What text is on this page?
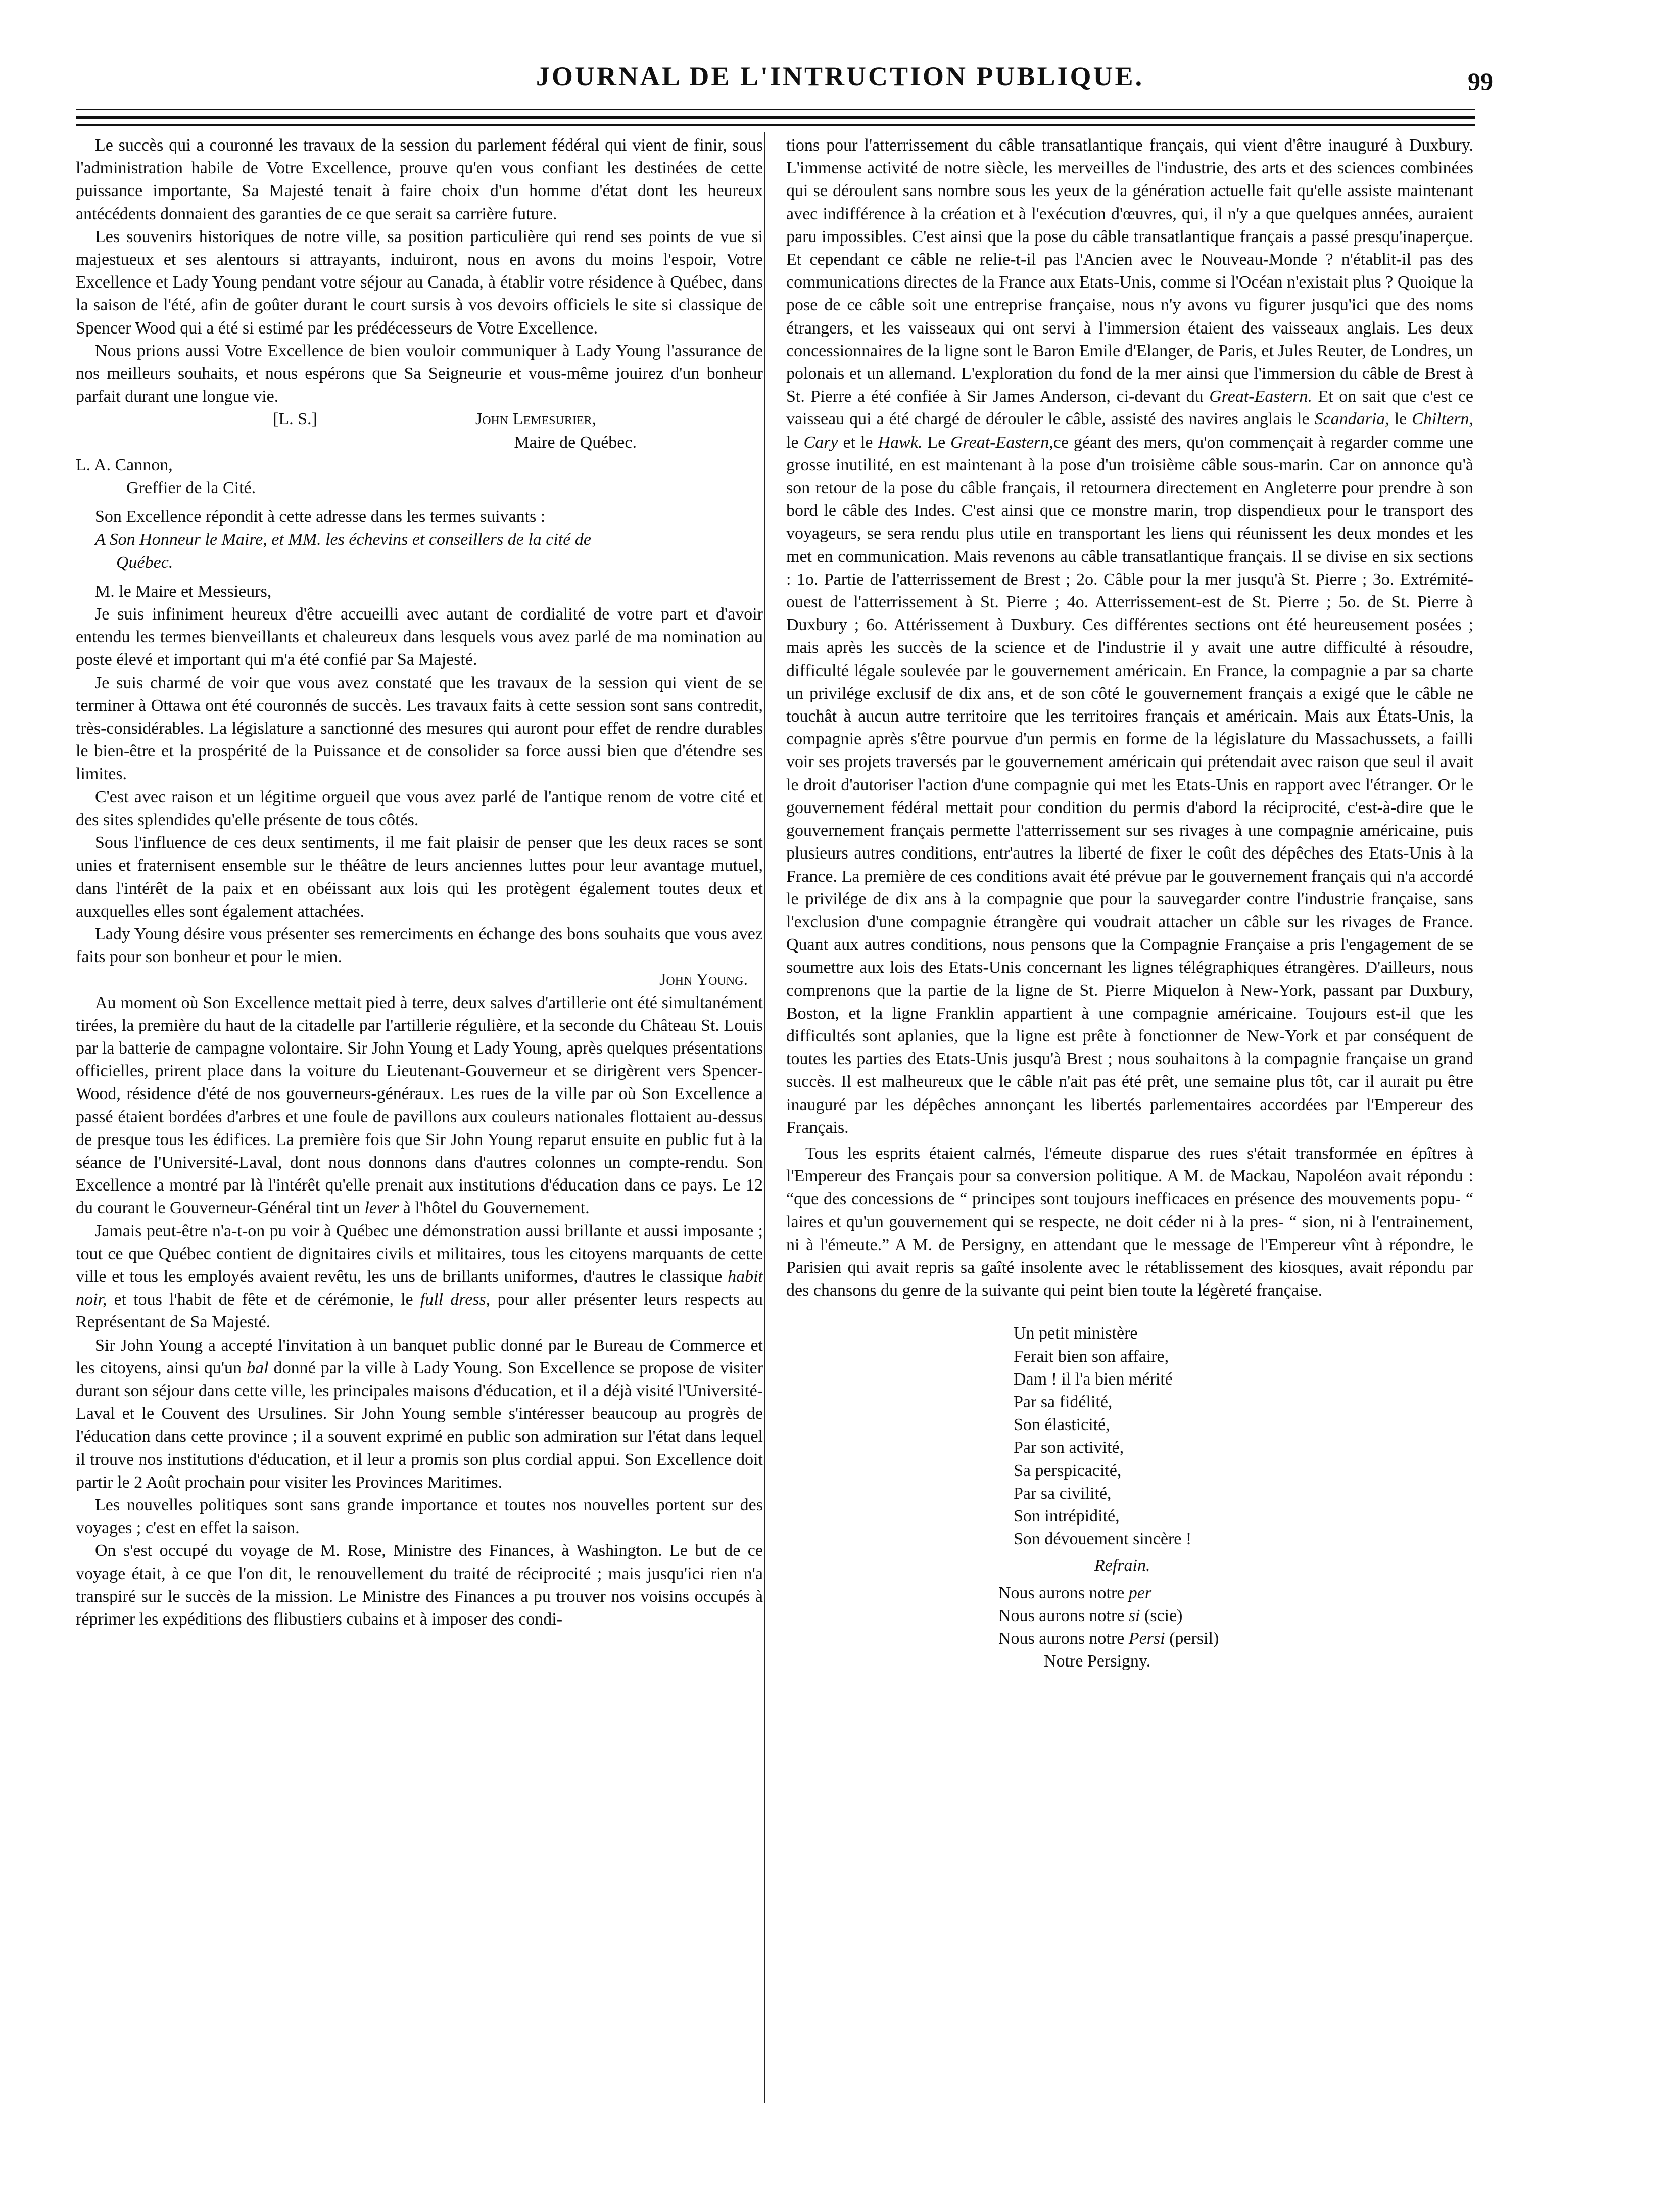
JOURNAL DE L'INTRUCTION PUBLIQUE.	99

Le succès qui a couronné les travaux de la session du parlement fédéral qui vient de finir, sous l'administration habile de Votre Excellence, prouve qu'en vous confiant les destinées de cette puissance importante, Sa Majesté tenait à faire choix d'un homme d'état dont les heureux antécédents donnaient des garanties de ce que serait sa carrière future.

Les souvenirs historiques de notre ville, sa position particulière qui rend ses points de vue si majestueux et ses alentours si attrayants, induiront, nous en avons du moins l'espoir, Votre Excellence et Lady Young pendant votre séjour au Canada, à établir votre résidence à Québec, dans la saison de l'été, afin de goûter durant le court sursis à vos devoirs officiels le site si classique de Spencer Wood qui a été si estimé par les prédécesseurs de Votre Excellence.

Nous prions aussi Votre Excellence de bien vouloir communiquer à Lady Young l'assurance de nos meilleurs souhaits, et nous espérons que Sa Seigneurie et vous-même jouirez d'un bonheur parfait durant une longue vie.

[L. S.]	John Lemesurier,
Maire de Québec.
L. A. Cannon,
Greffier de la Cité.

Son Excellence répondit à cette adresse dans les termes suivants :

A Son Honneur le Maire, et MM. les échevins et conseillers de la cité de

Québec.

M. le Maire et Messieurs,

Je suis infiniment heureux d'être accueilli avec autant de cordialité de votre part et d'avoir entendu les termes bienveillants et chaleureux dans lesquels vous avez parlé de ma nomination au poste élevé et important qui m'a été confié par Sa Majesté.

Je suis charmé de voir que vous avez constaté que les travaux de la session qui vient de se terminer à Ottawa ont été couronnés de succès. Les travaux faits à cette session sont sans contredit, très-considérables. La législature a sanctionné des mesures qui auront pour effet de rendre durables le bien-être et la prospérité de la Puissance et de consolider sa force aussi bien que d'étendre ses limites.

C'est avec raison et un légitime orgueil que vous avez parlé de l'antique renom de votre cité et des sites splendides qu'elle présente de tous côtés.

Sous l'influence de ces deux sentiments, il me fait plaisir de penser que les deux races se sont unies et fraternisent ensemble sur le théâtre de leurs anciennes luttes pour leur avantage mutuel, dans l'intérêt de la paix et en obéissant aux lois qui les protègent également toutes deux et auxquelles elles sont également attachées.

Lady Young désire vous présenter ses remerciments en échange des bons souhaits que vous avez faits pour son bonheur et pour le mien.

John Young.

Au moment où Son Excellence mettait pied à terre, deux salves d'artillerie ont été simultanément tirées, la première du haut de la citadelle par l'artillerie régulière, et la seconde du Château St. Louis par la batterie de campagne volontaire. Sir John Young et Lady Young, après quelques présentations officielles, prirent place dans la voiture du Lieutenant-Gouverneur et se dirigèrent vers Spencer-Wood, résidence d'été de nos gouverneurs-généraux. Les rues de la ville par où Son Excellence a passé étaient bordées d'arbres et une foule de pavillons aux couleurs nationales flottaient au-dessus de presque tous les édifices. La première fois que Sir John Young reparut ensuite en public fut à la séance de l'Université-Laval, dont nous donnons dans d'autres colonnes un compte-rendu. Son Excellence a montré par là l'intérêt qu'elle prenait aux institutions d'éducation dans ce pays. Le 12 du courant le Gouverneur-Général tint un lever à l'hôtel du Gouvernement.

Jamais peut-être n'a-t-on pu voir à Québec une démonstration aussi brillante et aussi imposante ; tout ce que Québec contient de dignitaires civils et militaires, tous les citoyens marquants de cette ville et tous les employés avaient revêtu, les uns de brillants uniformes, d'autres le classique habit noir, et tous l'habit de fête et de cérémonie, le full dress, pour aller présenter leurs respects au Représentant de Sa Majesté.

Sir John Young a accepté l'invitation à un banquet public donné par le Bureau de Commerce et les citoyens, ainsi qu'un bal donné par la ville à Lady Young. Son Excellence se propose de visiter durant son séjour dans cette ville, les principales maisons d'éducation, et il a déjà visité l'Université-Laval et le Couvent des Ursulines. Sir John Young semble s'intéresser beaucoup au progrès de l'éducation dans cette province ; il a souvent exprimé en public son admiration sur l'état dans lequel il trouve nos institutions d'éducation, et il leur a promis son plus cordial appui. Son Excellence doit partir le 2 Août prochain pour visiter les Provinces Maritimes.

Les nouvelles politiques sont sans grande importance et toutes nos nouvelles portent sur des voyages ; c'est en effet la saison.

On s'est occupé du voyage de M. Rose, Ministre des Finances, à Washington. Le but de ce voyage était, à ce que l'on dit, le renouvellement du traité de réciprocité ; mais jusqu'ici rien n'a transpiré sur le succès de la mission. Le Ministre des Finances a pu trouver nos voisins occupés à réprimer les expéditions des flibustiers cubains et à imposer des condi-

tions pour l'atterrissement du câble transatlantique français, qui vient d'être inauguré à Duxbury. L'immense activité de notre siècle, les merveilles de l'industrie, des arts et des sciences combinées qui se déroulent sans nombre sous les yeux de la génération actuelle fait qu'elle assiste maintenant avec indifférence à la création et à l'exécution d'œuvres, qui, il n'y a que quelques années, auraient paru impossibles. C'est ainsi que la pose du câble transatlantique français a passé presqu'inaperçue. Et cependant ce câble ne relie-t-il pas l'Ancien avec le Nouveau-Monde ? n'établit-il pas des communications directes de la France aux Etats-Unis, comme si l'Océan n'existait plus ? Quoique la pose de ce câble soit une entreprise française, nous n'y avons vu figurer jusqu'ici que des noms étrangers, et les vaisseaux qui ont servi à l'immersion étaient des vaisseaux anglais. Les deux concessionnaires de la ligne sont le Baron Emile d'Elanger, de Paris, et Jules Reuter, de Londres, un polonais et un allemand. L'exploration du fond de la mer ainsi que l'immersion du câble de Brest à St. Pierre a été confiée à Sir James Anderson, ci-devant du Great-Eastern. Et on sait que c'est ce vaisseau qui a été chargé de dérouler le câble, assisté des navires anglais le Scandaria, le Chiltern, le Cary et le Hawk. Le Great-Eastern,ce géant des mers, qu'on commençait à regarder comme une grosse inutilité, en est maintenant à la pose d'un troisième câble sous-marin. Car on annonce qu'à son retour de la pose du câble français, il retournera directement en Angleterre pour prendre à son bord le câble des Indes. C'est ainsi que ce monstre marin, trop dispendieux pour le transport des voyageurs, se sera rendu plus utile en transportant les liens qui réunissent les deux mondes et les met en communication. Mais revenons au câble transatlantique français. Il se divise en six sections : 1o. Partie de l'atterrissement de Brest ; 2o. Câble pour la mer jusqu'à St. Pierre ; 3o. Extrémité-ouest de l'atterrissement à St. Pierre ; 4o. Atterrissement-est de St. Pierre ; 5o. de St. Pierre à Duxbury ; 6o. Attérissement à Duxbury. Ces différentes sections ont été heureusement posées ; mais après les succès de la science et de l'industrie il y avait une autre difficulté à résoudre, difficulté légale soulevée par le gouvernement américain. En France, la compagnie a par sa charte un privilége exclusif de dix ans, et de son côté le gouvernement français a exigé que le câble ne touchât à aucun autre territoire que les territoires français et américain. Mais aux États-Unis, la compagnie après s'être pourvue d'un permis en forme de la législature du Massachussets, a failli voir ses projets traversés par le gouvernement américain qui prétendait avec raison que seul il avait le droit d'autoriser l'action d'une compagnie qui met les Etats-Unis en rapport avec l'étranger. Or le gouvernement fédéral mettait pour condition du permis d'abord la réciprocité, c'est-à-dire que le gouvernement français permette l'atterrissement sur ses rivages à une compagnie américaine, puis plusieurs autres conditions, entr'autres la liberté de fixer le coût des dépêches des Etats-Unis à la France. La première de ces conditions avait été prévue par le gouvernement français qui n'a accordé le privilége de dix ans à la compagnie que pour la sauvegarder contre l'industrie française, sans l'exclusion d'une compagnie étrangère qui voudrait attacher un câble sur les rivages de France. Quant aux autres conditions, nous pensons que la Compagnie Française a pris l'engagement de se soumettre aux lois des Etats-Unis concernant les lignes télégraphiques étrangères. D'ailleurs, nous comprenons que la partie de la ligne de St. Pierre Miquelon à New-York, passant par Duxbury, Boston, et la ligne Franklin appartient à une compagnie américaine. Toujours est-il que les difficultés sont aplanies, que la ligne est prête à fonctionner de New-York et par conséquent de toutes les parties des Etats-Unis jusqu'à Brest ; nous souhaitons à la compagnie française un grand succès. Il est malheureux que le câble n'ait pas été prêt, une semaine plus tôt, car il aurait pu être inauguré par les dépêches annonçant les libertés parlementaires accordées par l'Empereur des Français.

Tous les esprits étaient calmés, l'émeute disparue des rues s'était transformée en épîtres à l'Empereur des Français pour sa conversion politique. A M. de Mackau, Napoléon avait répondu : “que des concessions de “ principes sont toujours inefficaces en présence des mouvements popu- “ laires et qu'un gouvernement qui se respecte, ne doit céder ni à la pres- “ sion, ni à l'entrainement, ni à l'émeute.” A M. de Persigny, en attendant que le message de l'Empereur vînt à répondre, le Parisien qui avait repris sa gaîté insolente avec le rétablissement des kiosques, avait répondu par des chansons du genre de la suivante qui peint bien toute la légèreté française.

Un petit ministère
Ferait bien son affaire,
Dam ! il l'a bien mérité
Par sa fidélité,
Son élasticité,
Par son activité,
Sa perspicacité,
Par sa civilité,
Son intrépidité,
Son dévouement sincère !
Refrain.
Nous aurons notre per
Nous aurons notre si (scie)
Nous aurons notre Persi (persil)
Notre Persigny.
